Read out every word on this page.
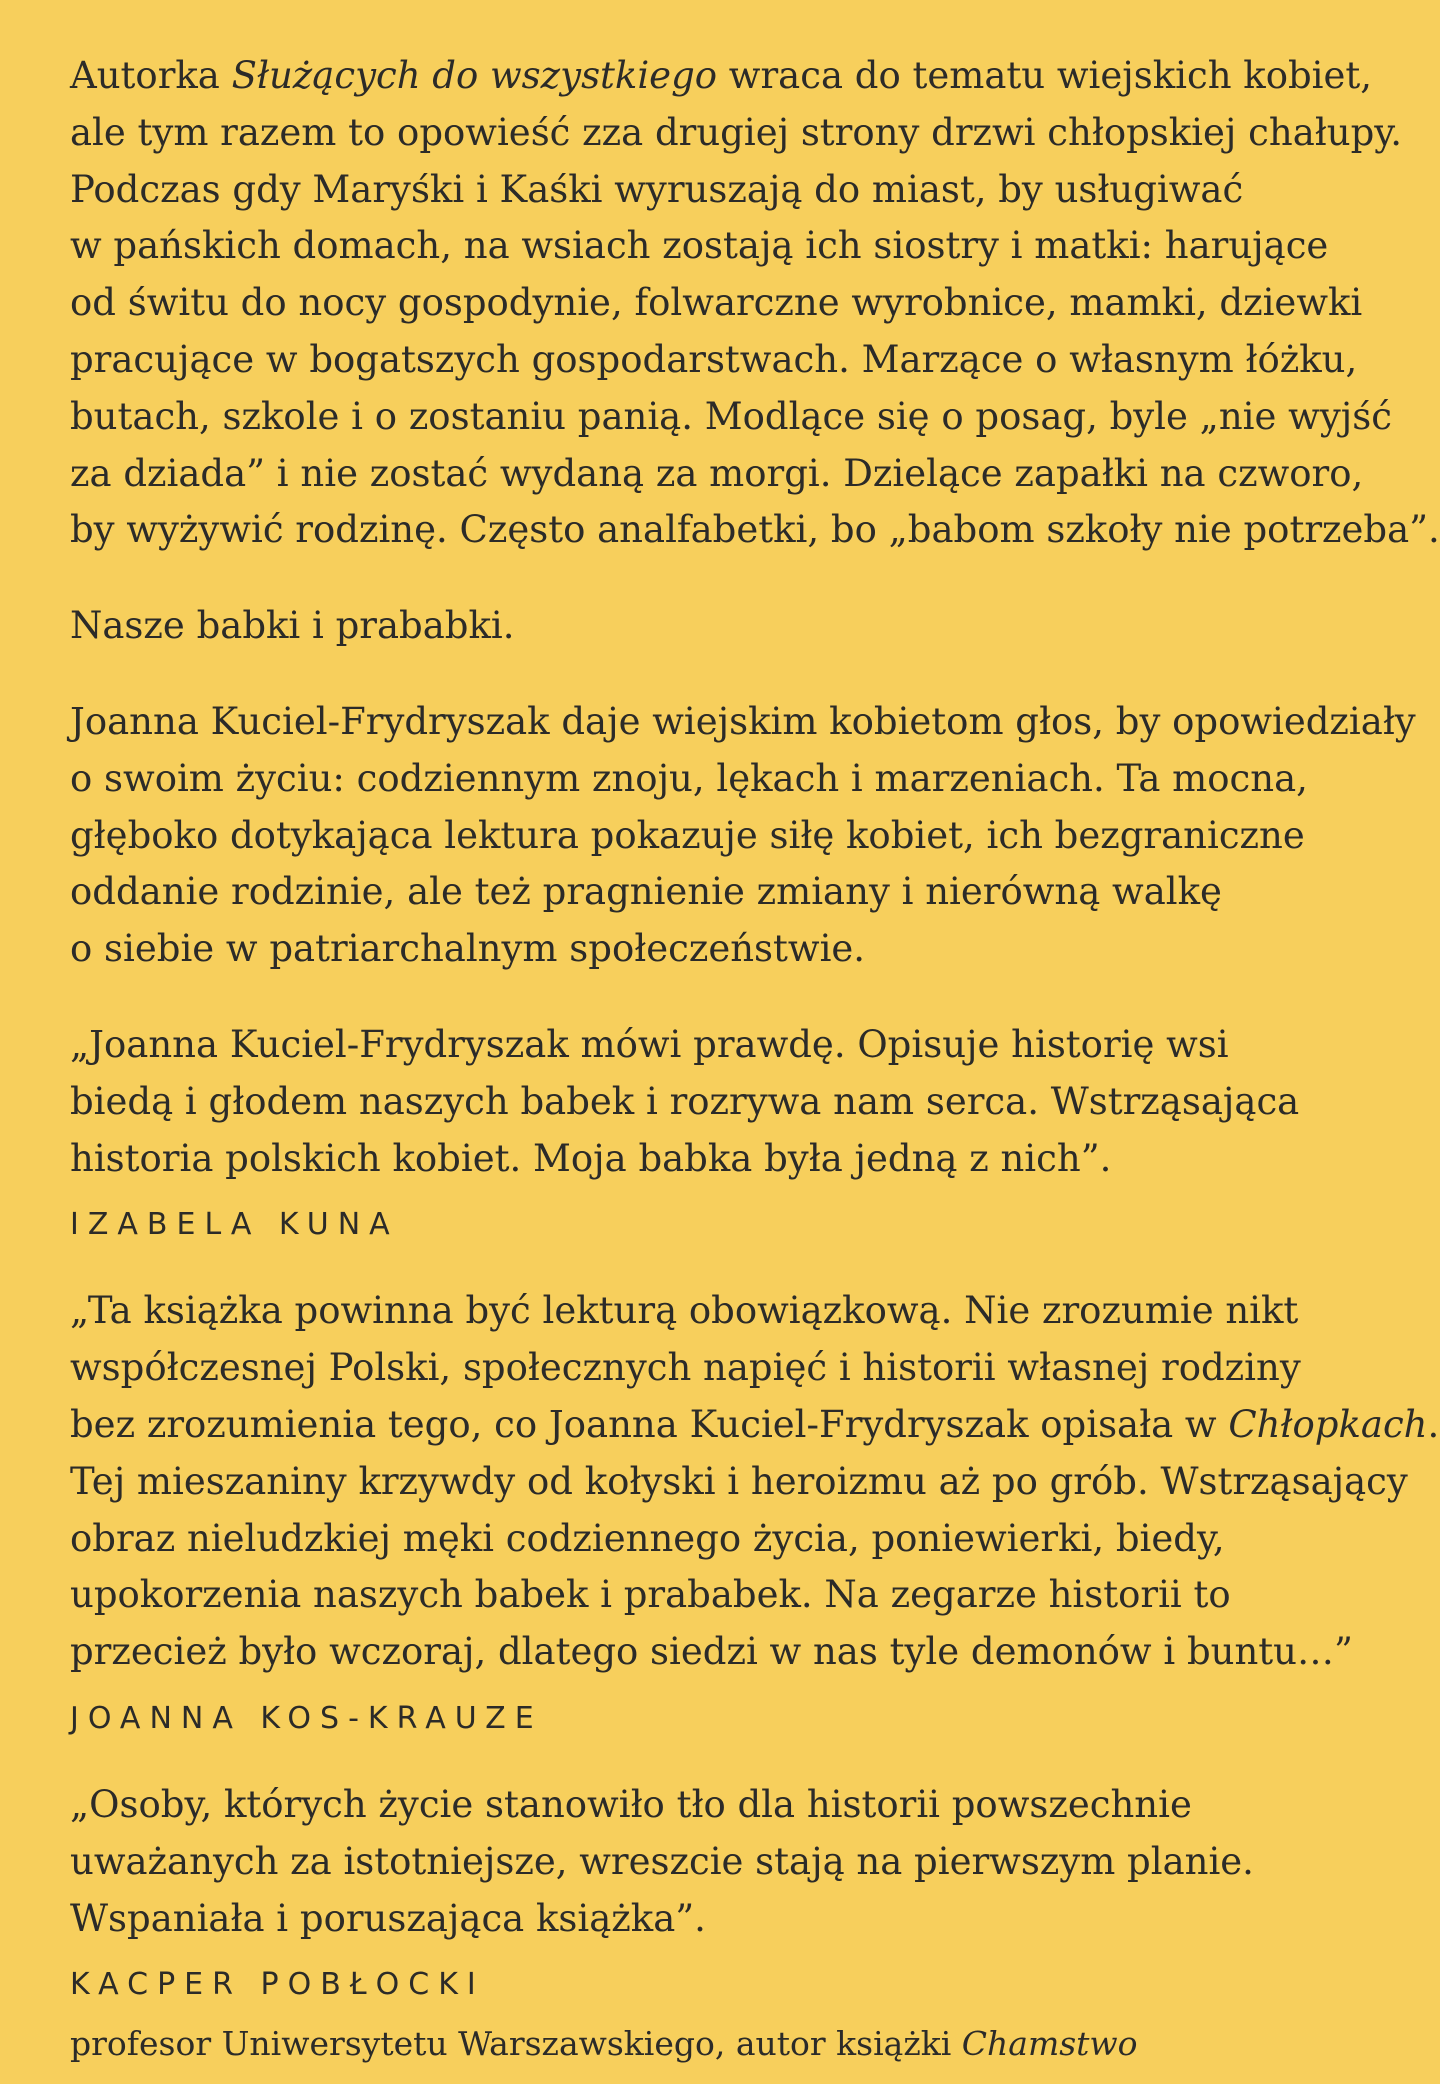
Autorka Służących do wszystkiego wraca do tematu wiejskich kobiet,
ale tym razem to opowieść zza drugiej strony drzwi chłopskiej chałupy.
Podczas gdy Maryśki i Kaśki wyruszają do miast, by usługiwać
w pańskich domach, na wsiach zostają ich siostry i matki: harujące
od świtu do nocy gospodynie, folwarczne wyrobnice, mamki, dziewki
pracujące w bogatszych gospodarstwach. Marzące o własnym łóżku,
butach, szkole i o zostaniu panią. Modlące się o posag, byle „nie wyjść
za dziada” i nie zostać wydaną za morgi. Dzielące zapałki na czworo,
by wyżywić rodzinę. Często analfabetki, bo „babom szkoły nie potrzeba”.

Nasze babki i prababki.

Joanna Kuciel-Frydryszak daje wiejskim kobietom głos, by opowiedziały
o swoim życiu: codziennym znoju, lękach i marzeniach. Ta mocna,
głęboko dotykająca lektura pokazuje siłę kobiet, ich bezgraniczne
oddanie rodzinie, ale też pragnienie zmiany i nierówną walkę
o siebie w patriarchalnym społeczeństwie.

„Joanna Kuciel-Frydryszak mówi prawdę. Opisuje historię wsi
biedą i głodem naszych babek i rozrywa nam serca. Wstrząsająca
historia polskich kobiet. Moja babka była jedną z nich”.

IZABELA KUNA

„Ta książka powinna być lekturą obowiązkową. Nie zrozumie nikt
współczesnej Polski, społecznych napięć i historii własnej rodziny
bez zrozumienia tego, co Joanna Kuciel-Frydryszak opisała w Chłopkach.
Tej mieszaniny krzywdy od kołyski i heroizmu aż po grób. Wstrząsający
obraz nieludzkiej męki codziennego życia, poniewierki, biedy,
upokorzenia naszych babek i prababek. Na zegarze historii to
przecież było wczoraj, dlatego siedzi w nas tyle demonów i buntu…”

JOANNA KOS-KRAUZE

„Osoby, których życie stanowiło tło dla historii powszechnie
uważanych za istotniejsze, wreszcie stają na pierwszym planie.
Wspaniała i poruszająca książka”.

KACPER POBŁOCKI
profesor Uniwersytetu Warszawskiego, autor książki Chamstwo
